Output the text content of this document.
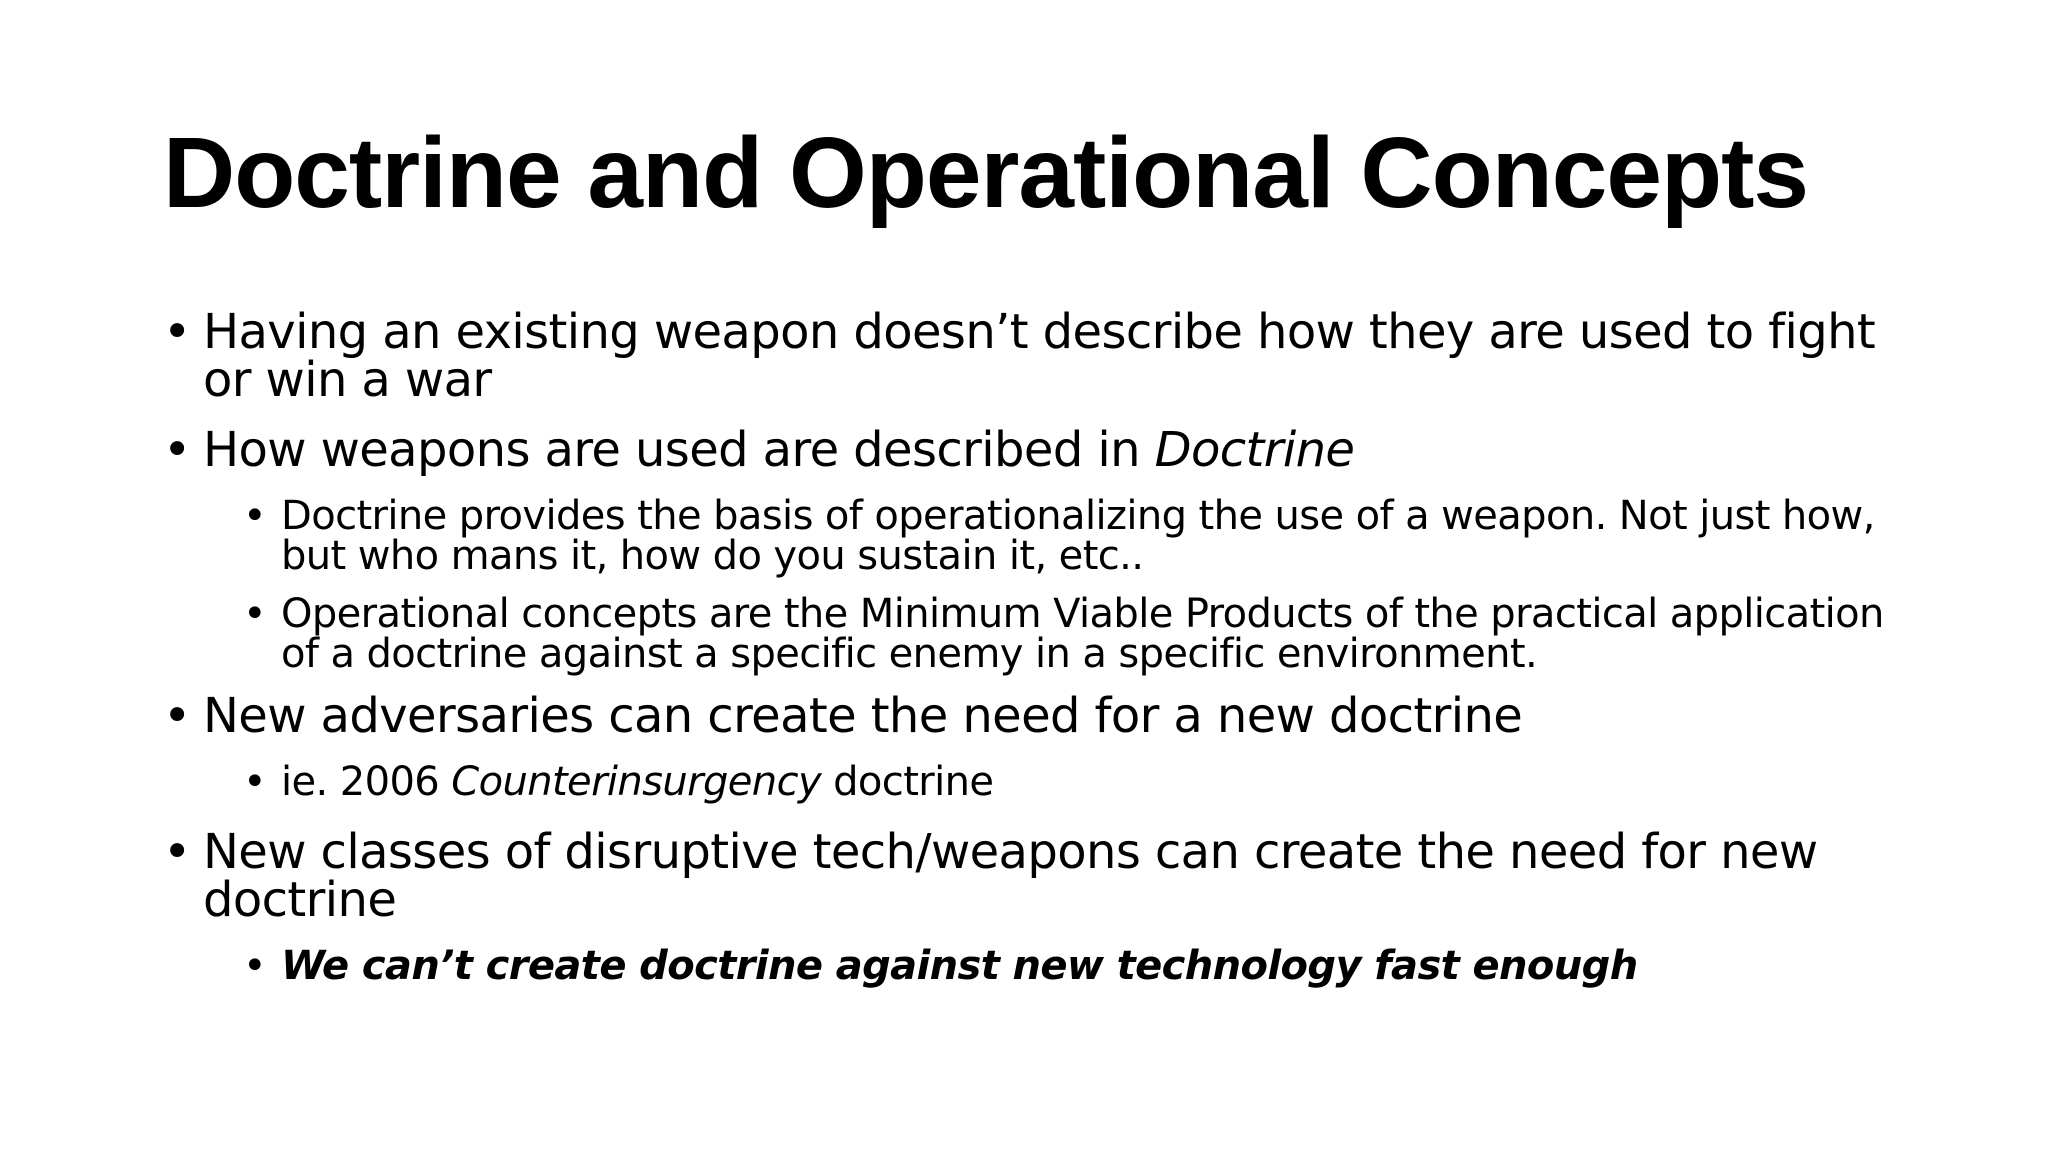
Doctrine and Operational Concepts

• Having an existing weapon doesn’t describe how they are used to fight or win a war

• How weapons are used are described in Doctrine

• Doctrine provides the basis of operationalizing the use of a weapon. Not just how, but who mans it, how do you sustain it, etc..

• Operational concepts are the Minimum Viable Products of the practical application of a doctrine against a specific enemy in a specific environment.

• New adversaries can create the need for a new doctrine

• ie. 2006 Counterinsurgency doctrine

• New classes of disruptive tech/weapons can create the need for new doctrine

• We can’t create doctrine against new technology fast enough
